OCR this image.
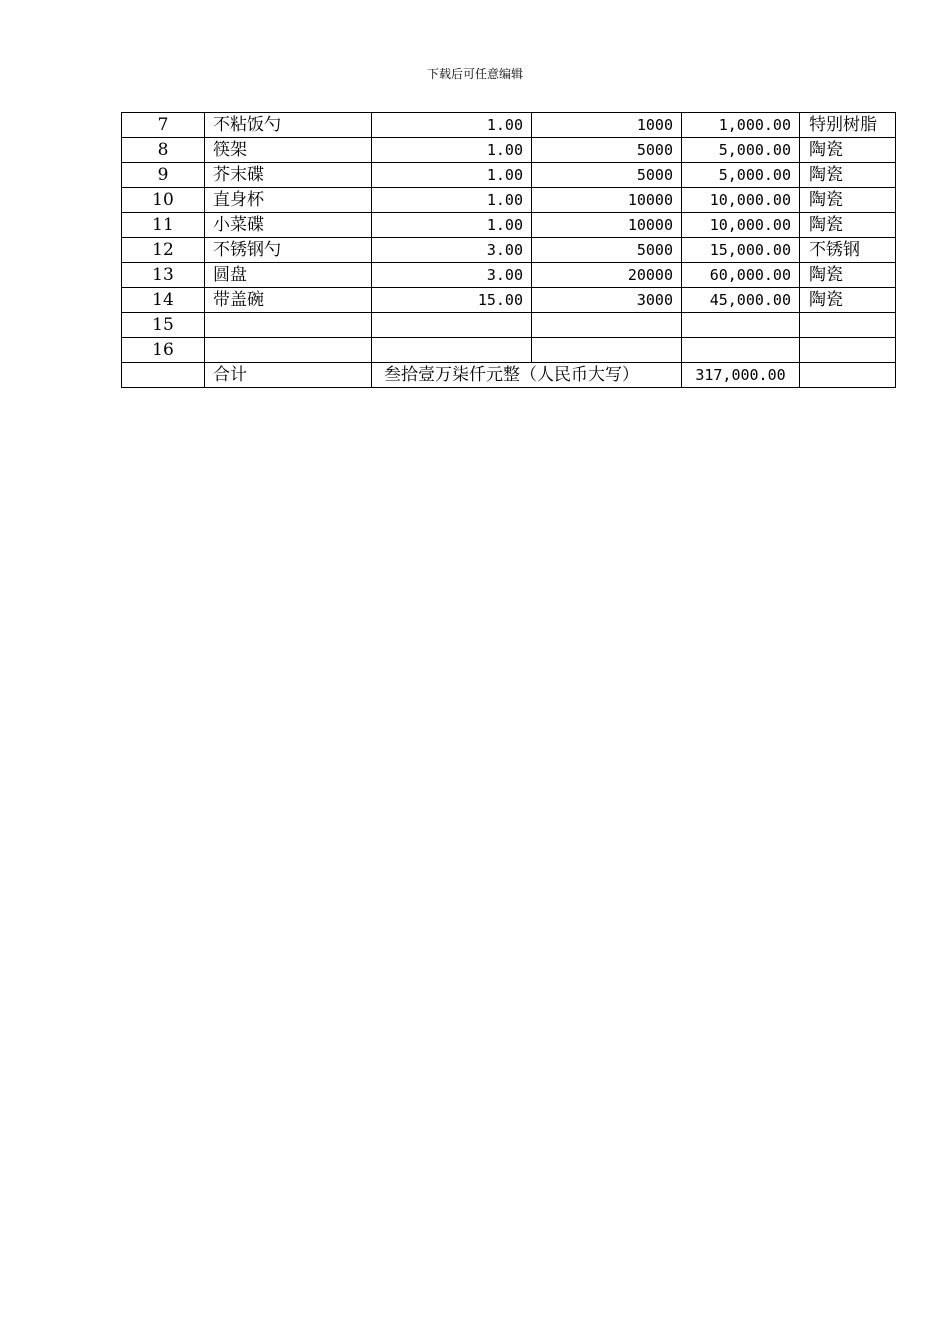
下载后可任意编辑
7	不粘饭勺	1.00	1000	1,000.00	特别树脂
8	筷架	1.00	5000	5,000.00	陶瓷
9	芥末碟	1.00	5000	5,000.00	陶瓷
10	直身杯	1.00	10000	10,000.00	陶瓷
11	小菜碟	1.00	10000	10,000.00	陶瓷
12	不锈钢勺	3.00	5000	15,000.00	不锈钢
13	圆盘	3.00	20000	60,000.00	陶瓷
14	带盖碗	15.00	3000	45,000.00	陶瓷
15					
16					
	合计	叁拾壹万柒仟元整（人民币大写）		317,000.00	
